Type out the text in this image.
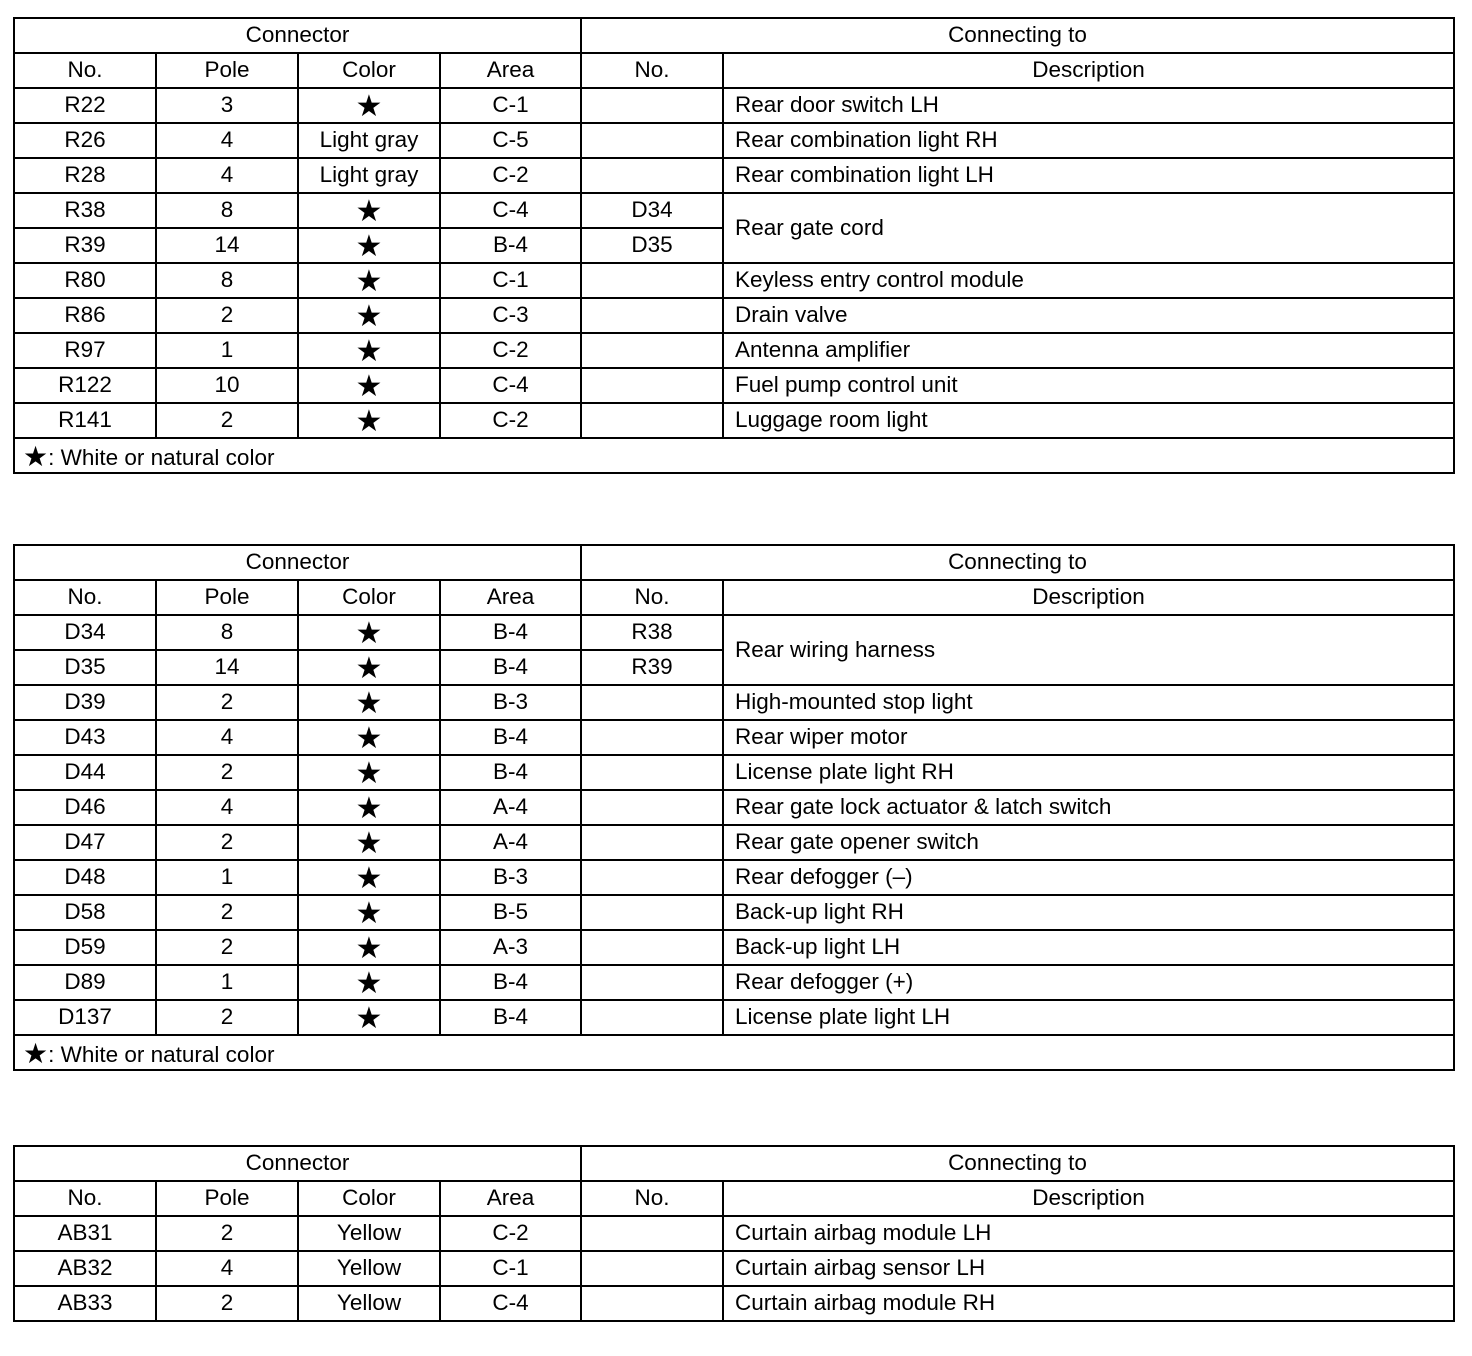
Connector				Connecting to	
No.	Pole	Color	Area	No.	Description
R22	3	★	C-1		Rear door switch LH
R26	4	Light gray	C-5		Rear combination light RH
R28	4	Light gray	C-2		Rear combination light LH
R38	8	★	C-4	D34	Rear gate cord
R39	14	★	B-4	D35	
R80	8	★	C-1		Keyless entry control module
R86	2	★	C-3		Drain valve
R97	1	★	C-2		Antenna amplifier
R122	10	★	C-4		Fuel pump control unit
R141	2	★	C-2		Luggage room light
★: White or natural color					
Connector				Connecting to	
No.	Pole	Color	Area	No.	Description
D34	8	★	B-4	R38	Rear wiring harness
D35	14	★	B-4	R39	
D39	2	★	B-3		High-mounted stop light
D43	4	★	B-4		Rear wiper motor
D44	2	★	B-4		License plate light RH
D46	4	★	A-4		Rear gate lock actuator & latch switch
D47	2	★	A-4		Rear gate opener switch
D48	1	★	B-3		Rear defogger (–)
D58	2	★	B-5		Back-up light RH
D59	2	★	A-3		Back-up light LH
D89	1	★	B-4		Rear defogger (+)
D137	2	★	B-4		License plate light LH
★: White or natural color					
Connector				Connecting to	
No.	Pole	Color	Area	No.	Description
AB31	2	Yellow	C-2		Curtain airbag module LH
AB32	4	Yellow	C-1		Curtain airbag sensor LH
AB33	2	Yellow	C-4		Curtain airbag module RH
